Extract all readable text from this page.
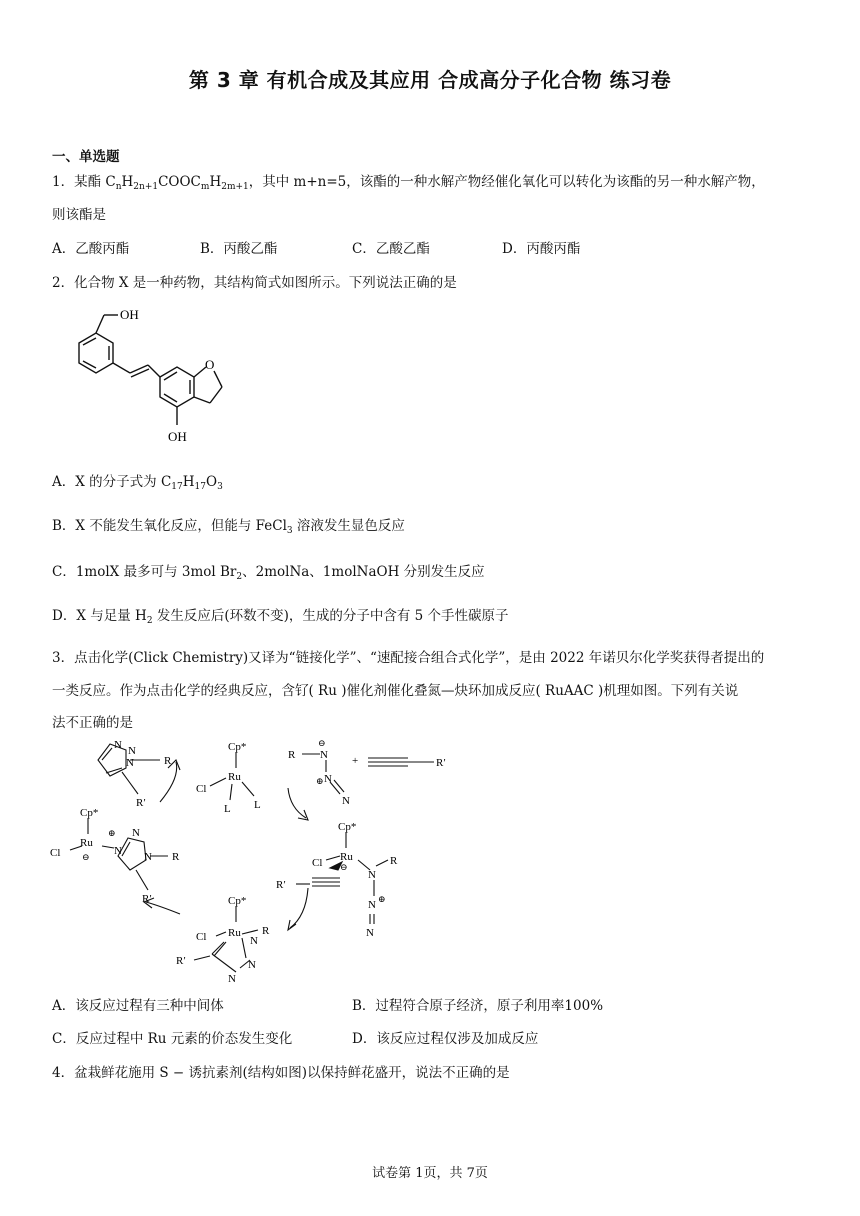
第 3 章 有机合成及其应用 合成高分子化合物 练习卷
一、单选题
1．某酯 $C_nH_{2n+1}COOC_mH_{2m+1}$，其中 m+n=5，该酯的一种水解产物经催化氧化可以转化为该酯的另一种水解产物，
则该酯是
A．乙酸丙酯	B．丙酸乙酯	C．乙酸乙酯	D．丙酸丙酯
2．化合物 X 是一种药物，其结构简式如图所示。下列说法正确的是
OH
O
OH
A．X 的分子式为 $C_{17}H_{17}O_3$
B．X 不能发生氧化反应，但能与 FeCl$_3$ 溶液发生显色反应
C．1molX 最多可与 3mol $Br_2$、2molNa、1molNaOH 分别发生反应
D．X 与足量 $H_2$ 发生反应后(环数不变)，生成的分子中含有 5 个手性碳原子
3．点击化学(Click Chemistry)又译为“链接化学”、“速配接合组合式化学”，是由 2022 年诺贝尔化学奖获得者提出的
一类反应。作为点击化学的经典反应，含钌( Ru )催化剂催化叠氮—炔环加成反应( RuAAC )机理如图。下列有关说
法不正确的是
N N
N	R
R′
Cp*
Ru
Cl
L L
R
⊖
N
⊕ N
N
+	R′
Cp*
Ru
Cl ⊖
⊕
N
N
N R
R′
Cp*
Ru
Cl ⊖
N
R
N ⊕
N
R′
Cp*
Ru
Cl	N
R
N
N
R′
A．该反应过程有三种中间体	B．过程符合原子经济，原子利用率100%
C．反应过程中 Ru 元素的价态发生变化	D．该反应过程仅涉及加成反应
4．盆栽鲜花施用 S − 诱抗素剂(结构如图)以保持鲜花盛开，说法不正确的是
试卷第 1页，共 7页
